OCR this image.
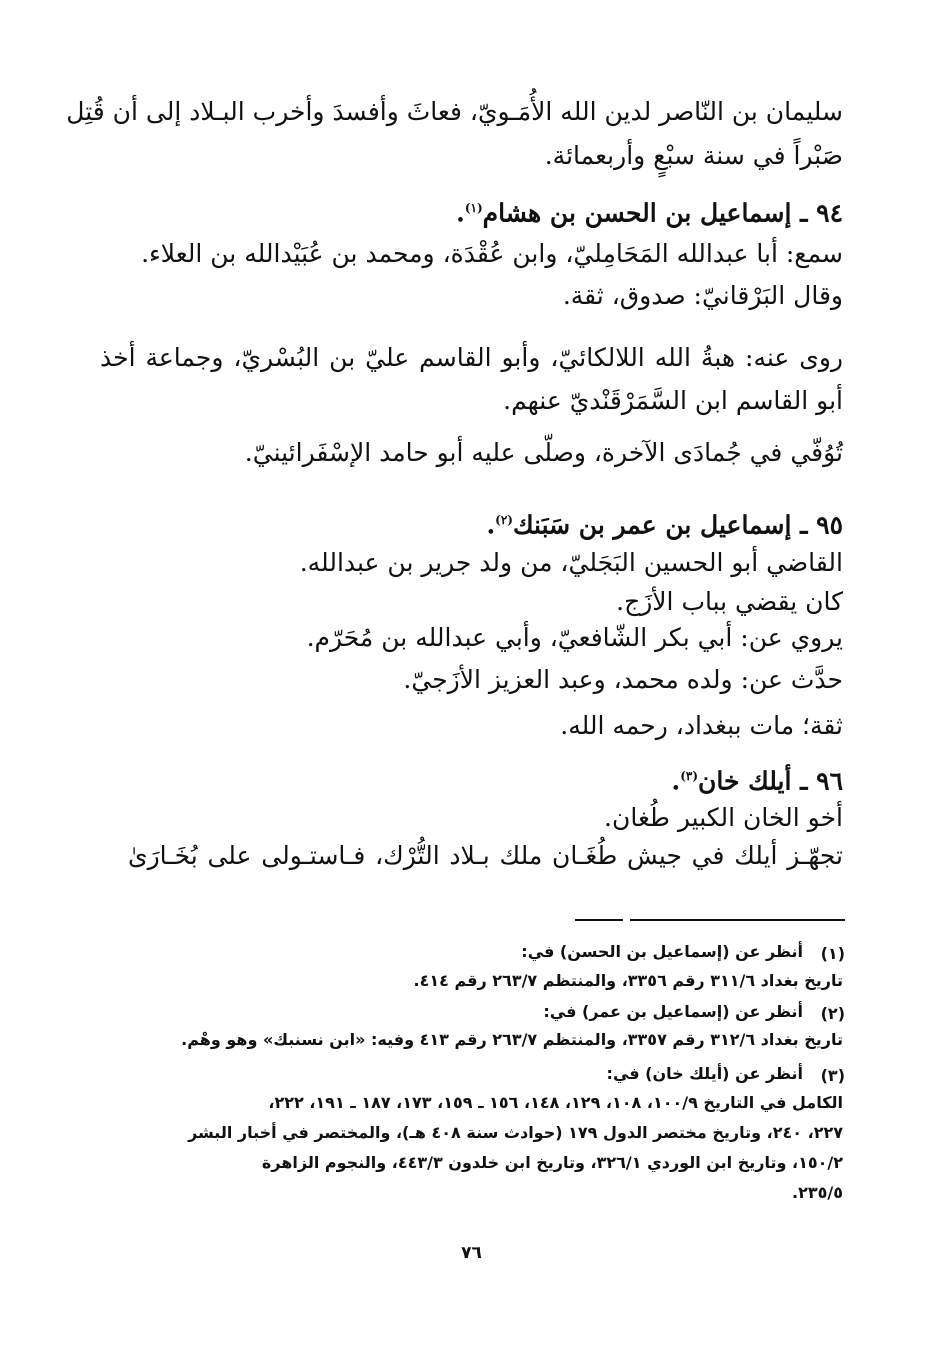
سليمان بن النّاصر لدين الله الأُمَـويّ، فعاثَ وأفسدَ وأخرب البـلاد إلى أن قُتِل
صَبْراً في سنة سبْعٍ وأربعمائة.
٩٤ ـ إسماعيل بن الحسن بن هشام$^{(١)}$.
سمع: أبا عبدالله المَحَامِليّ، وابن عُقْدَة، ومحمد بن عُبَيْدالله بن العلاء.
وقال البَرْقانيّ: صدوق، ثقة.
روى عنه: هبةُ الله اللالكائيّ، وأبو القاسم عليّ بن البُسْريّ، وجماعة أخذ
أبو القاسم ابن السَّمَرْقَنْديّ عنهم.
تُوُفّي في جُمادَى الآخرة، وصلّى عليه أبو حامد الإسْفَرائينيّ.
٩٥ ـ إسماعيل بن عمر بن سَبَنك$^{(٢)}$.
القاضي أبو الحسين البَجَليّ، من ولد جرير بن عبدالله.
كان يقضي بباب الأزَج.
يروي عن: أبي بكر الشّافعيّ، وأبي عبدالله بن مُحَرّم.
حدَّث عن: ولده محمد، وعبد العزيز الأزَجيّ.
ثقة؛ مات ببغداد، رحمه الله.
٩٦ ـ أيلك خان$^{(٣)}$.
أخو الخان الكبير طُغان.
تجهّـز أيلك في جيش طُغَـان ملك بـلاد التُّرْك، فـاستـولى على بُخَـارَىٰ
(١)
أنظر عن (إسماعيل بن الحسن) في:
تاريخ بغداد ٣١١/٦ رقم ٣٣٥٦، والمنتظم ٢٦٣/٧ رقم ٤١٤.
(٢)
أنظر عن (إسماعيل بن عمر) في:
تاريخ بغداد ٣١٢/٦ رقم ٣٣٥٧، والمنتظم ٢٦٣/٧ رقم ٤١٣ وفيه: «ابن نسنبك» وهو وهْم.
(٣)
أنظر عن (أيلك خان) في:
الكامل في التاريخ ١٠٠/٩، ١٠٨، ١٢٩، ١٤٨، ١٥٦ ـ ١٥٩، ١٧٣، ١٨٧ ـ ١٩١، ٢٢٢،
٢٢٧، ٢٤٠، وتاريخ مختصر الدول ١٧٩ (حوادث سنة ٤٠٨ هـ)، والمختصر في أخبار البشر
١٥٠/٢، وتاريخ ابن الوردي ٣٢٦/١، وتاريخ ابن خلدون ٤٤٣/٣، والنجوم الزاهرة
٢٣٥/٥.
٧٦
